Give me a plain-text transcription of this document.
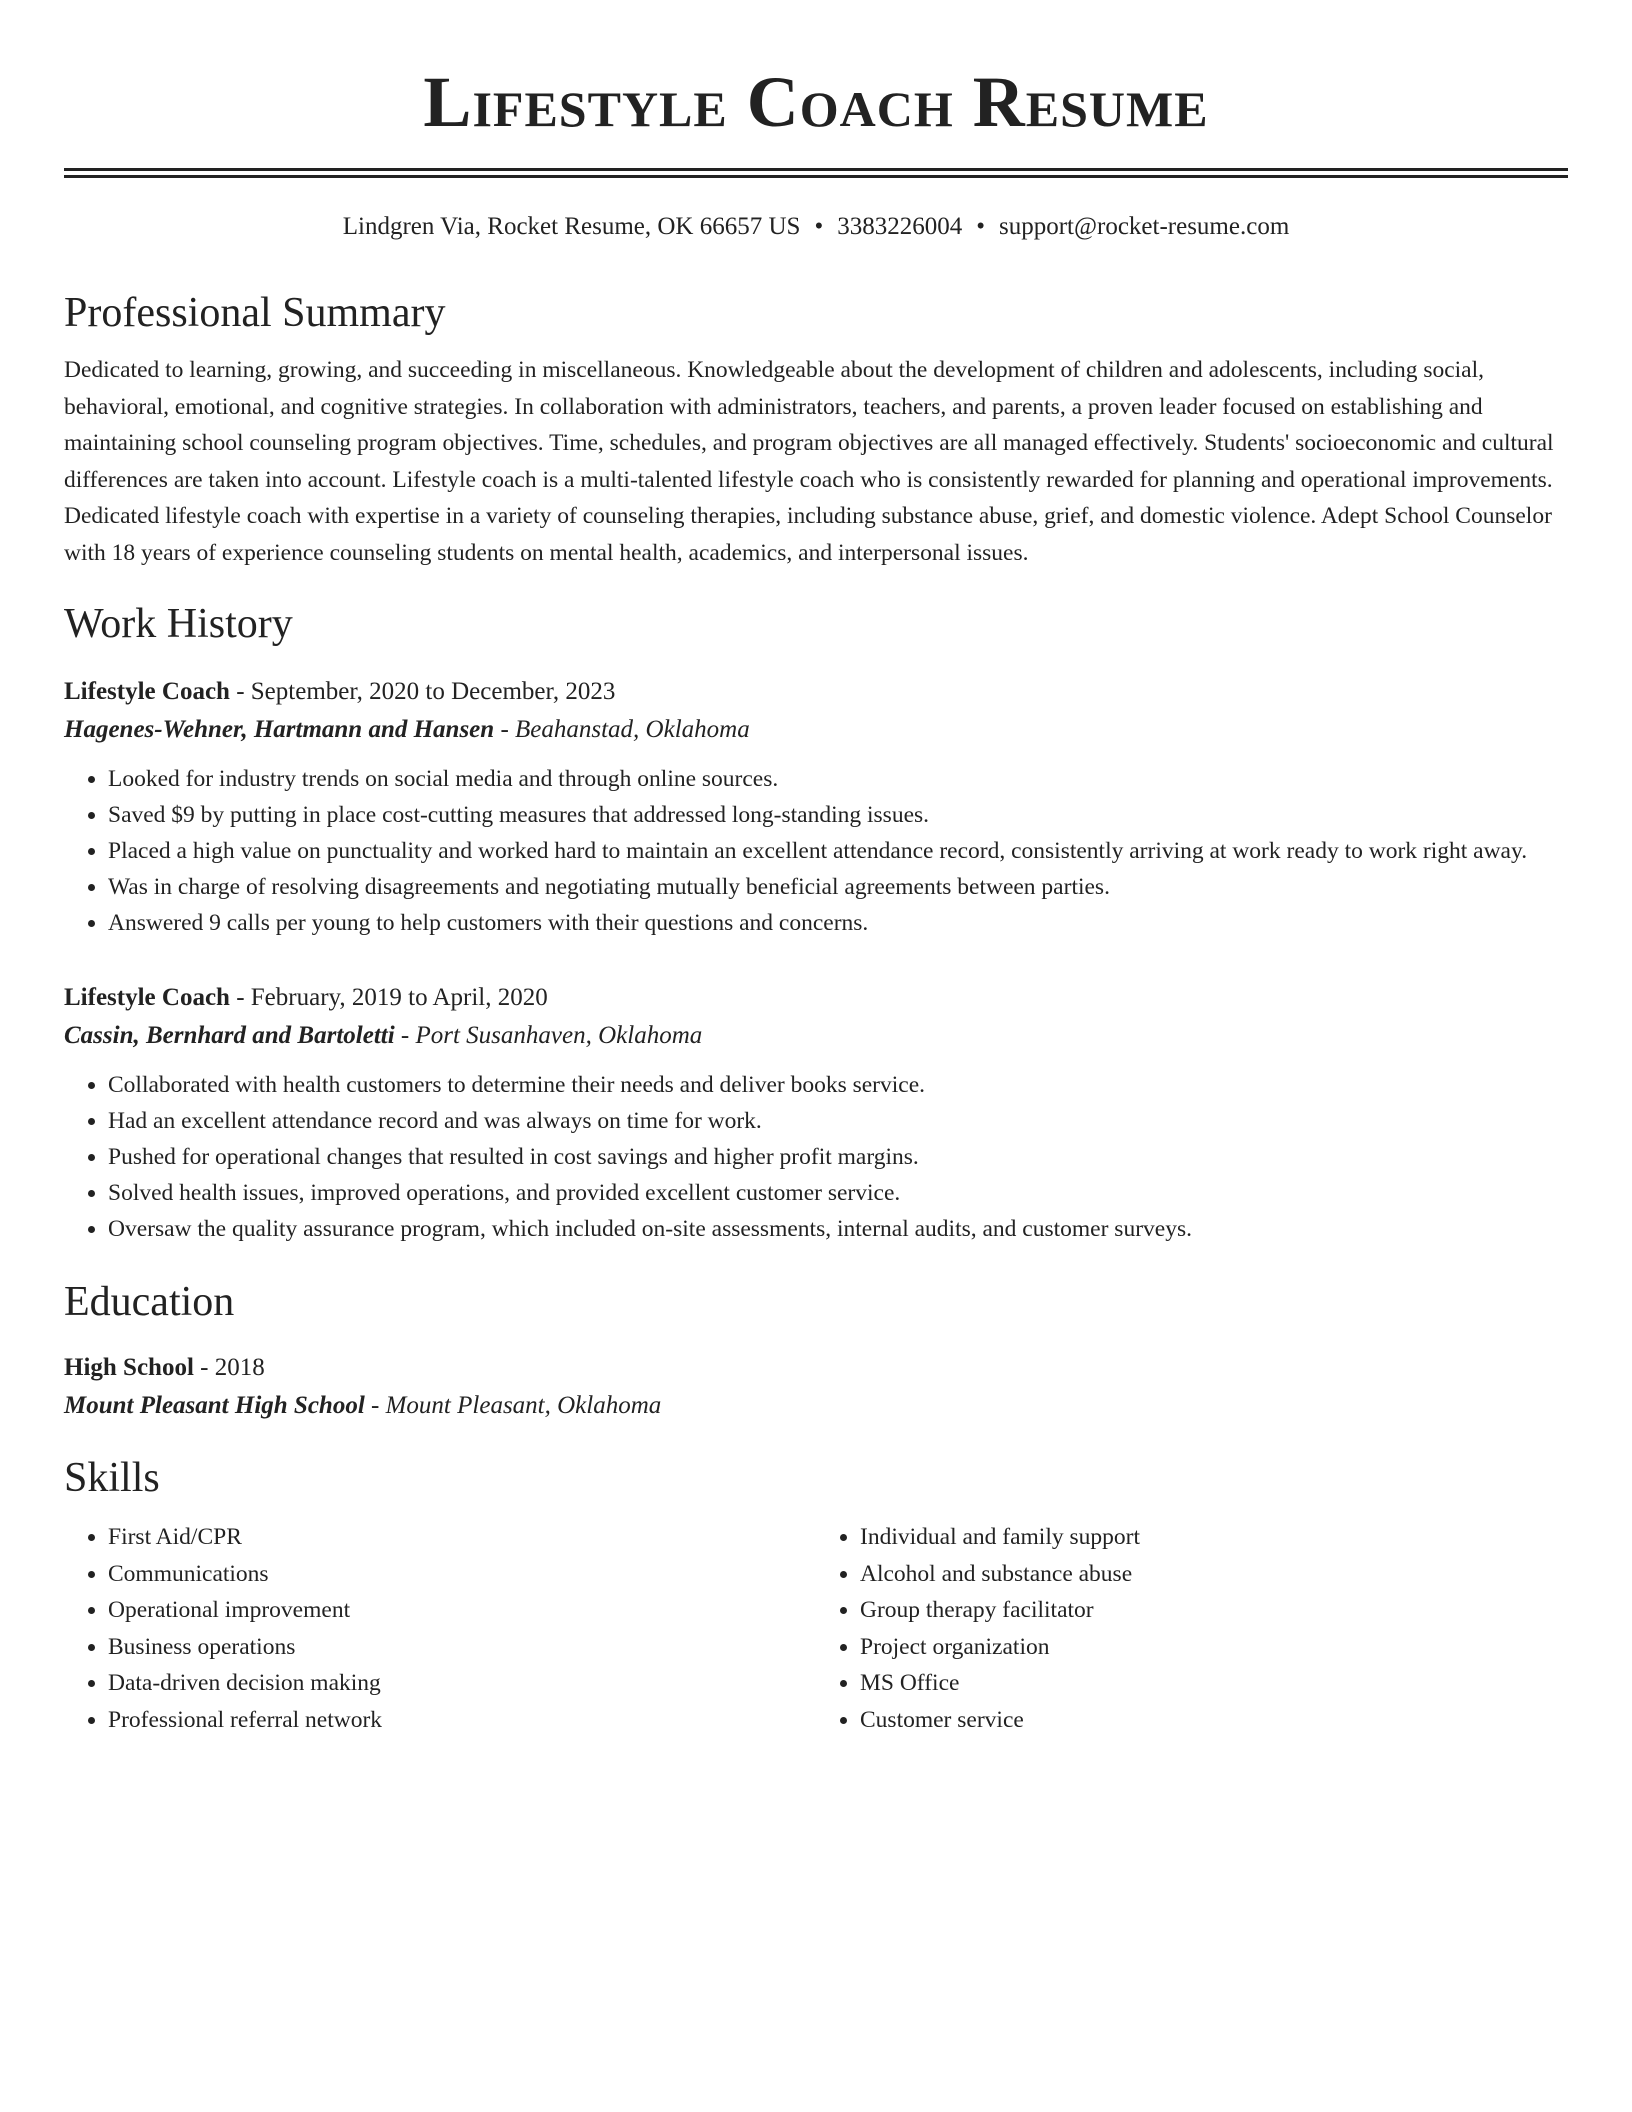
Lifestyle Coach Resume
Lindgren Via, Rocket Resume, OK 66657 US • 3383226004 • support@rocket-resume.com
Professional Summary
Dedicated to learning, growing, and succeeding in miscellaneous. Knowledgeable about the development of children and adolescents, including social, behavioral, emotional, and cognitive strategies. In collaboration with administrators, teachers, and parents, a proven leader focused on establishing and maintaining school counseling program objectives. Time, schedules, and program objectives are all managed effectively. Students' socioeconomic and cultural differences are taken into account. Lifestyle coach is a multi-talented lifestyle coach who is consistently rewarded for planning and operational improvements. Dedicated lifestyle coach with expertise in a variety of counseling therapies, including substance abuse, grief, and domestic violence. Adept School Counselor with 18 years of experience counseling students on mental health, academics, and interpersonal issues.
Work History
Lifestyle Coach - September, 2020 to December, 2023
Hagenes-Wehner, Hartmann and Hansen - Beahanstad, Oklahoma
• Looked for industry trends on social media and through online sources.
• Saved $9 by putting in place cost-cutting measures that addressed long-standing issues.
• Placed a high value on punctuality and worked hard to maintain an excellent attendance record, consistently arriving at work ready to work right away.
• Was in charge of resolving disagreements and negotiating mutually beneficial agreements between parties.
• Answered 9 calls per young to help customers with their questions and concerns.
Lifestyle Coach - February, 2019 to April, 2020
Cassin, Bernhard and Bartoletti - Port Susanhaven, Oklahoma
• Collaborated with health customers to determine their needs and deliver books service.
• Had an excellent attendance record and was always on time for work.
• Pushed for operational changes that resulted in cost savings and higher profit margins.
• Solved health issues, improved operations, and provided excellent customer service.
• Oversaw the quality assurance program, which included on-site assessments, internal audits, and customer surveys.
Education
High School - 2018
Mount Pleasant High School - Mount Pleasant, Oklahoma
Skills
• First Aid/CPR
• Communications
• Operational improvement
• Business operations
• Data-driven decision making
• Professional referral network
• Individual and family support
• Alcohol and substance abuse
• Group therapy facilitator
• Project organization
• MS Office
• Customer service
